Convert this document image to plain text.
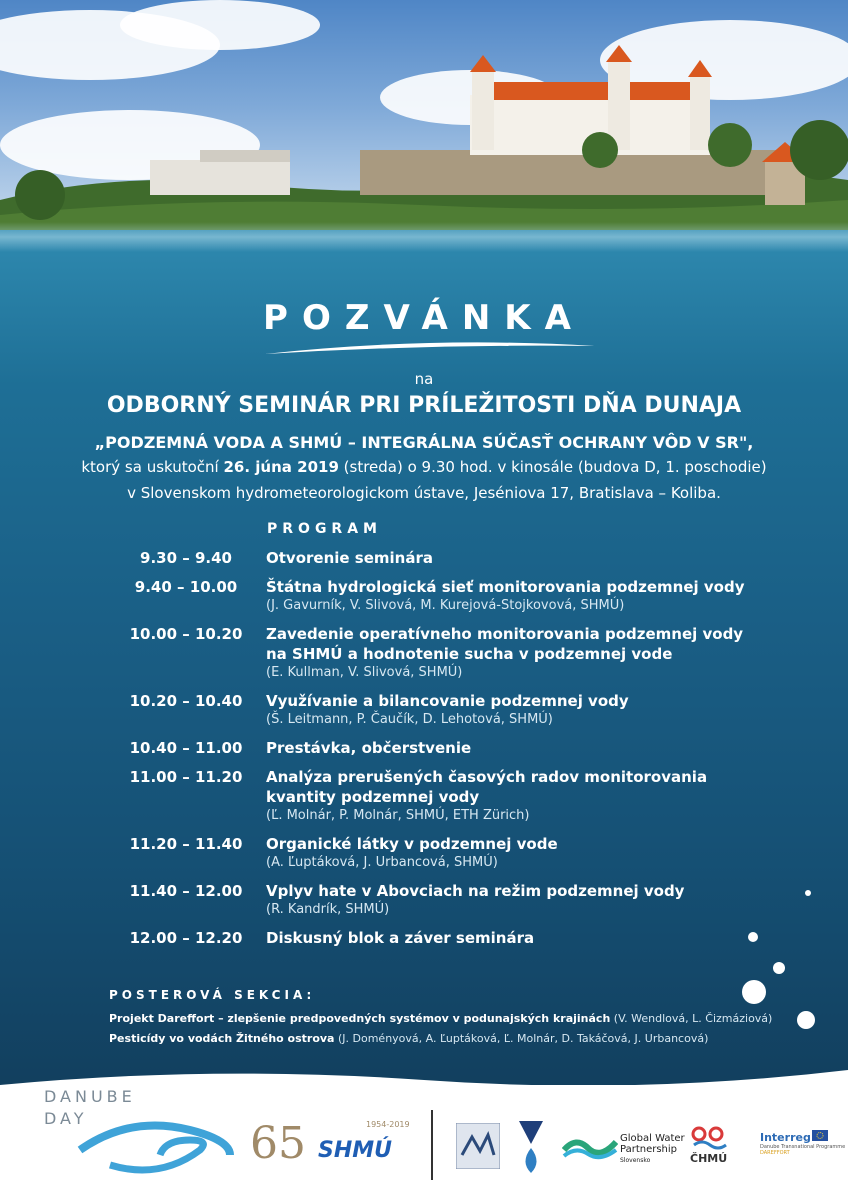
POZVÁNKA
na
ODBORNÝ SEMINÁR PRI PRÍLEŽITOSTI DŇA DUNAJA
„PODZEMNÁ VODA A SHMÚ – INTEGRÁLNA SÚČASŤ OCHRANY VÔD V SR",
ktorý sa uskutoční 26. júna 2019 (streda) o 9.30 hod. v kinosále (budova D, 1. poschodie)
v Slovenskom hydrometeorologickom ústave, Jeséniova 17, Bratislava – Koliba.
PROGRAM
9.30 – 9.40	Otvorenie seminára
9.40 – 10.00	Štátna hydrologická sieť monitorovania podzemnej vody
(J. Gavurník, V. Slivová, M. Kurejová-Stojkovová, SHMÚ)
10.00 – 10.20	Zavedenie operatívneho monitorovania podzemnej vody
na SHMÚ a hodnotenie sucha v podzemnej vode
(E. Kullman, V. Slivová, SHMÚ)
10.20 – 10.40	Využívanie a bilancovanie podzemnej vody
(Š. Leitmann, P. Čaučík, D. Lehotová, SHMÚ)
10.40 – 11.00	Prestávka, občerstvenie
11.00 – 11.20	Analýza prerušených časových radov monitorovania
kvantity podzemnej vody
(Ľ. Molnár, P. Molnár, SHMÚ, ETH Zürich)
11.20 – 11.40	Organické látky v podzemnej vode
(A. Ľuptáková, J. Urbancová, SHMÚ)
11.40 – 12.00	Vplyv hate v Abovciach na režim podzemnej vody
(R. Kandrík, SHMÚ)
12.00 – 12.20	Diskusný blok a záver seminára
POSTEROVÁ SEKCIA:
Projekt Dareffort – zlepšenie predpovedných systémov v podunajských krajinách (V. Wendlová, L. Čizmáziová)
Pesticídy vo vodách Žitného ostrova (J. Doményová, A. Ľuptáková, Ľ. Molnár, D. Takáčová, J. Urbancová)
DANUBE
DAY	65	1954-2019
SHMÚ	Global Water
Partnership
Slovensko	ČHMÚ
Interreg
Danube Transnational Programme
DAREFFORT
